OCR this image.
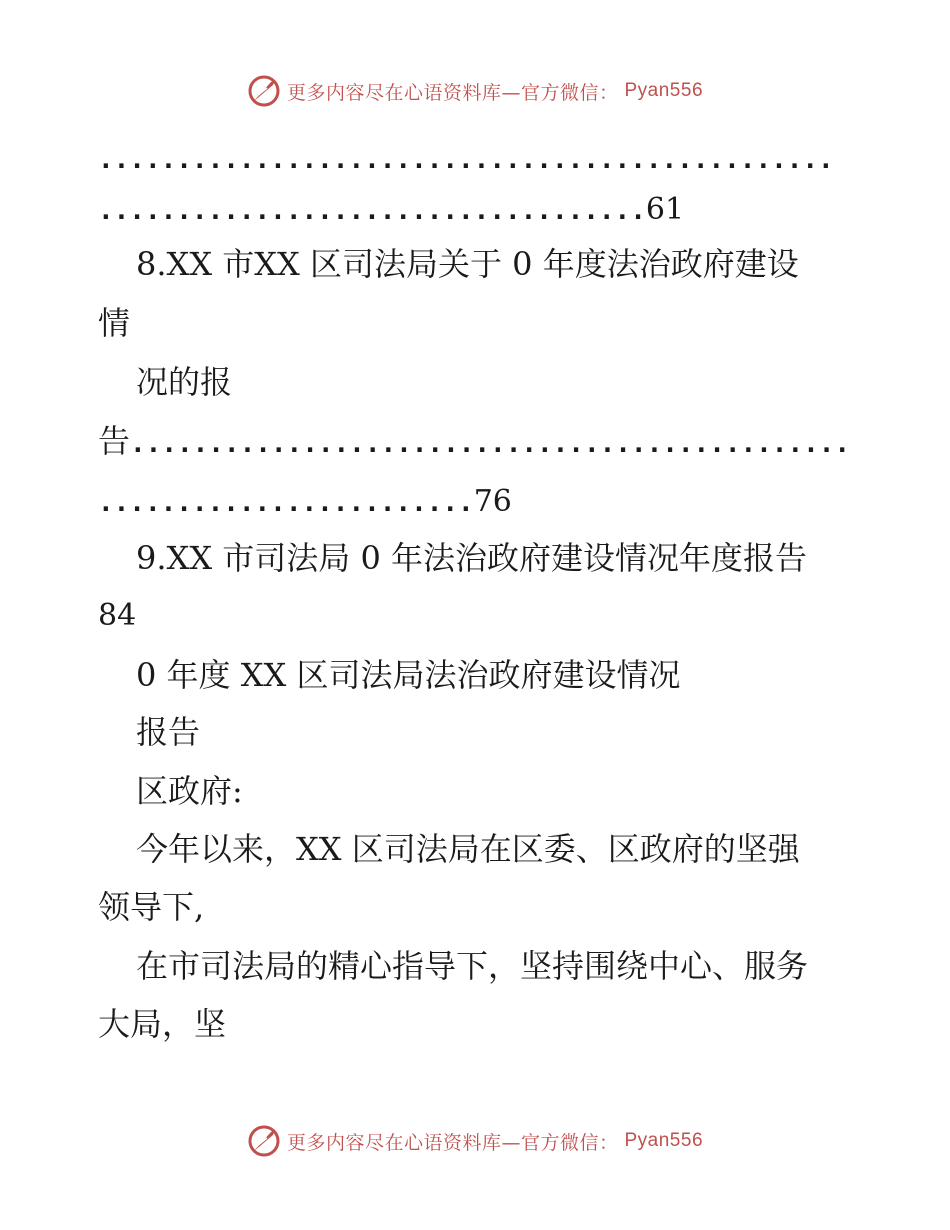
更多内容尽在心语资料库—官方微信： Pyan556
...............................................
...................................61
8.XX 市XX 区司法局关于 0 年度法治政府建设
情
况的报
告..............................................
........................76
9.XX 市司法局 0 年法治政府建设情况年度报告
84
0 年度 XX 区司法局法治政府建设情况
报告
区政府:
今年以来，XX 区司法局在区委、区政府的坚强
领导下,
在市司法局的精心指导下，坚持围绕中心、服务
大局，坚
更多内容尽在心语资料库—官方微信： Pyan556
